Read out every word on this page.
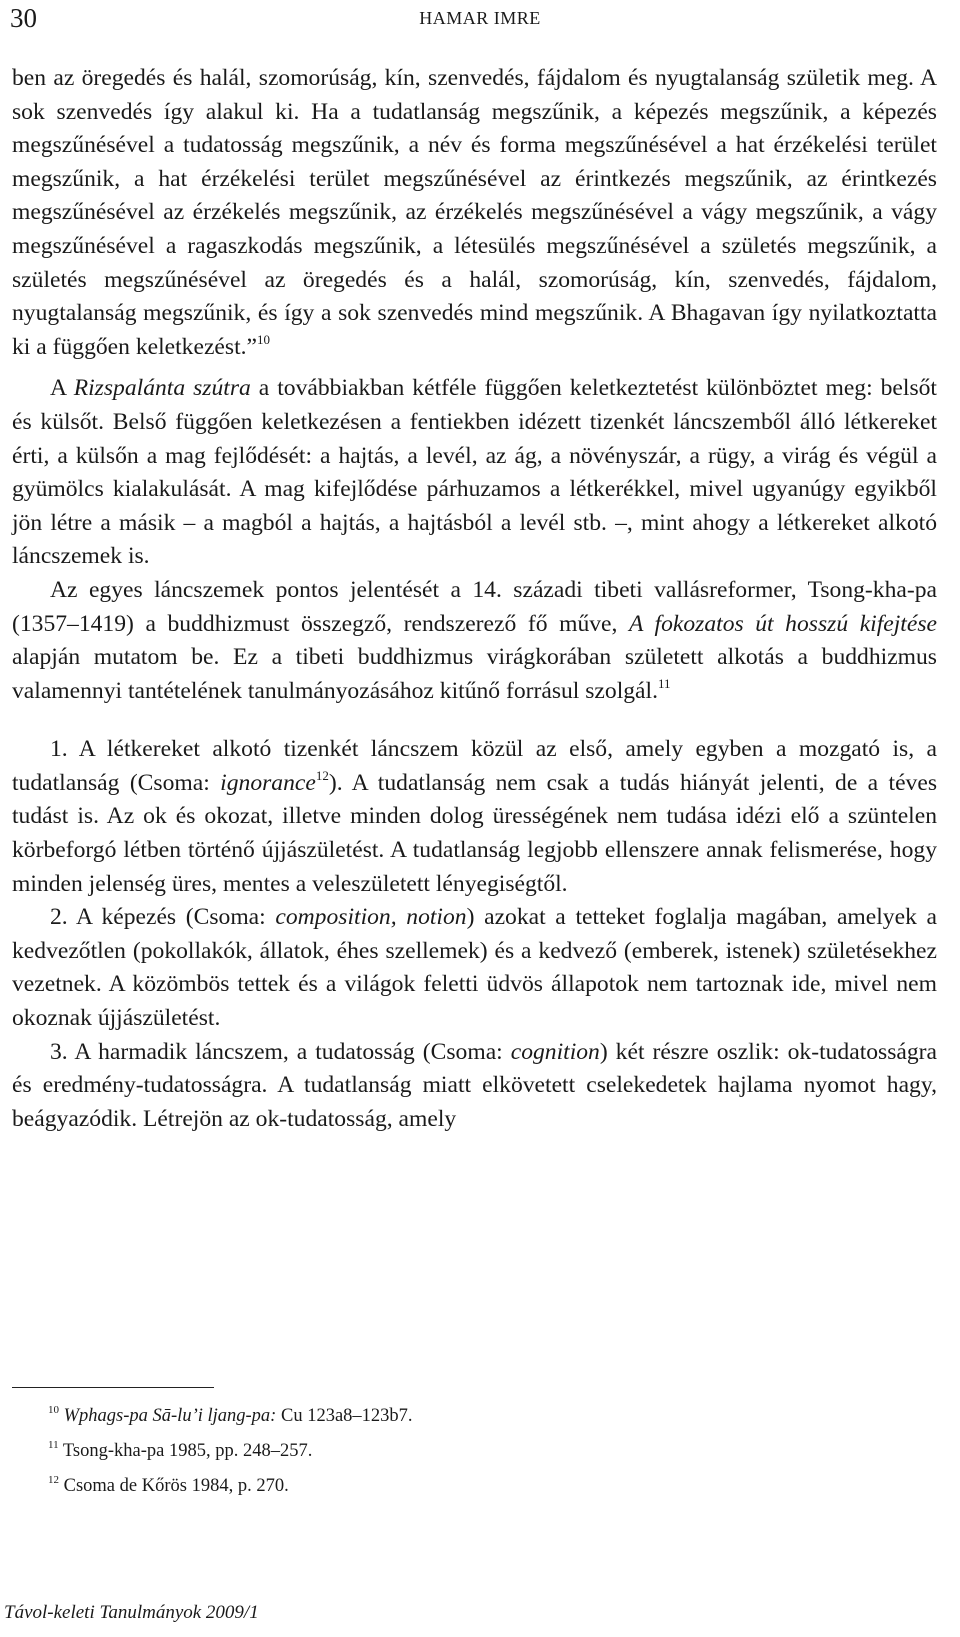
30	HAMAR IMRE

ben az öregedés és halál, szomorúság, kín, szenvedés, fájdalom és nyugtalanság születik meg. A sok szenvedés így alakul ki. Ha a tudatlanság megszűnik, a képezés megszűnik, a képezés megszűnésével a tudatosság megszűnik, a név és forma megszűnésével a hat érzékelési terület megszűnik, a hat érzékelési terület megszűnésével az érintkezés megszűnik, az érintkezés megszűnésével az érzékelés megszűnik, az érzékelés megszűnésével a vágy megszűnik, a vágy megszűnésével a ragaszkodás megszűnik, a létesülés megszűnésével a születés megszűnik, a születés megszűnésével az öregedés és a halál, szomorúság, kín, szenvedés, fájdalom, nyugtalanság megszűnik, és így a sok szenvedés mind megszűnik. A Bhagavan így nyilatkoztatta ki a függően keletkezést.”$^{10}$

A Rizspalánta szútra a továbbiakban kétféle függően keletkeztetést különböztet meg: belsőt és külsőt. Belső függően keletkezésen a fentiekben idézett tizenkét láncszemből álló létkereket érti, a külsőn a mag fejlődését: a hajtás, a levél, az ág, a növényszár, a rügy, a virág és végül a gyümölcs kialakulását. A mag kifejlődése párhuzamos a létkerékkel, mivel ugyanúgy egyikből jön létre a másik – a magból a hajtás, a hajtásból a levél stb. –, mint ahogy a létkereket alkotó láncszemek is.

Az egyes láncszemek pontos jelentését a 14. századi tibeti vallásreformer, Tsong-kha-pa (1357–1419) a buddhizmust összegző, rendszerező fő műve, A fokozatos út hosszú kifejtése alapján mutatom be. Ez a tibeti buddhizmus virágkorában született alkotás a buddhizmus valamennyi tantételének tanulmányozásához kitűnő forrásul szolgál.$^{11}$

1. A létkereket alkotó tizenkét láncszem közül az első, amely egyben a mozgató is, a tudatlanság (Csoma: ignorance$^{12}$). A tudatlanság nem csak a tudás hiányát jelenti, de a téves tudást is. Az ok és okozat, illetve minden dolog ürességének nem tudása idézi elő a szüntelen körbeforgó létben történő újjászületést. A tudatlanság legjobb ellenszere annak felismerése, hogy minden jelenség üres, mentes a veleszületett lényegiségtől.

2. A képezés (Csoma: composition, notion) azokat a tetteket foglalja magában, amelyek a kedvezőtlen (pokollakók, állatok, éhes szellemek) és a kedvező (emberek, istenek) születésekhez vezetnek. A közömbös tettek és a világok feletti üdvös állapotok nem tartoznak ide, mivel nem okoznak újjászületést.

3. A harmadik láncszem, a tudatosság (Csoma: cognition) két részre oszlik: ok-tudatosságra és eredmény-tudatosságra. A tudatlanság miatt elkövetett cselekedetek hajlama nyomot hagy, beágyazódik. Létrejön az ok-tudatosság, amely

$^{10}$ Wphags-pa Sā-lu’i ljang-pa: Cu 123a8–123b7.
$^{11}$ Tsong-kha-pa 1985, pp. 248–257.
$^{12}$ Csoma de Kőrös 1984, p. 270.
Távol-keleti Tanulmányok 2009/1
